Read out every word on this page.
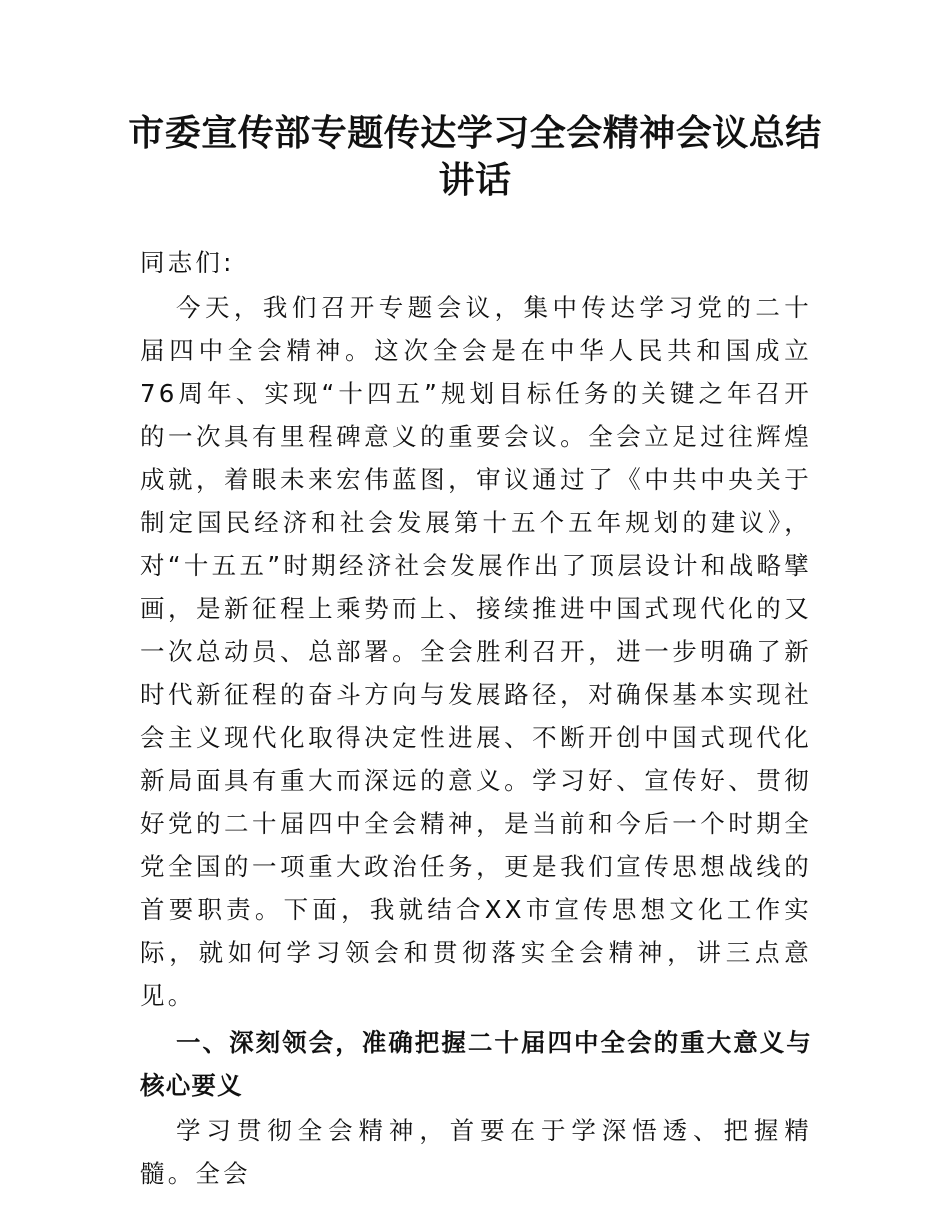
市委宣传部专题传达学习全会精神会议总结讲话

同志们:

今天，我们召开专题会议，集中传达学习党的二十届四中全会精神。这次全会是在中华人民共和国成立76周年、实现“十四五”规划目标任务的关键之年召开的一次具有里程碑意义的重要会议。全会立足过往辉煌成就，着眼未来宏伟蓝图，审议通过了《中共中央关于制定国民经济和社会发展第十五个五年规划的建议》，对“十五五”时期经济社会发展作出了顶层设计和战略擘画，是新征程上乘势而上、接续推进中国式现代化的又一次总动员、总部署。全会胜利召开，进一步明确了新时代新征程的奋斗方向与发展路径，对确保基本实现社会主义现代化取得决定性进展、不断开创中国式现代化新局面具有重大而深远的意义。学习好、宣传好、贯彻好党的二十届四中全会精神，是当前和今后一个时期全党全国的一项重大政治任务，更是我们宣传思想战线的首要职责。下面，我就结合XX市宣传思想文化工作实际，就如何学习领会和贯彻落实全会精神，讲三点意见。

一、深刻领会，准确把握二十届四中全会的重大意义与核心要义

学习贯彻全会精神，首要在于学深悟透、把握精髓。全会
